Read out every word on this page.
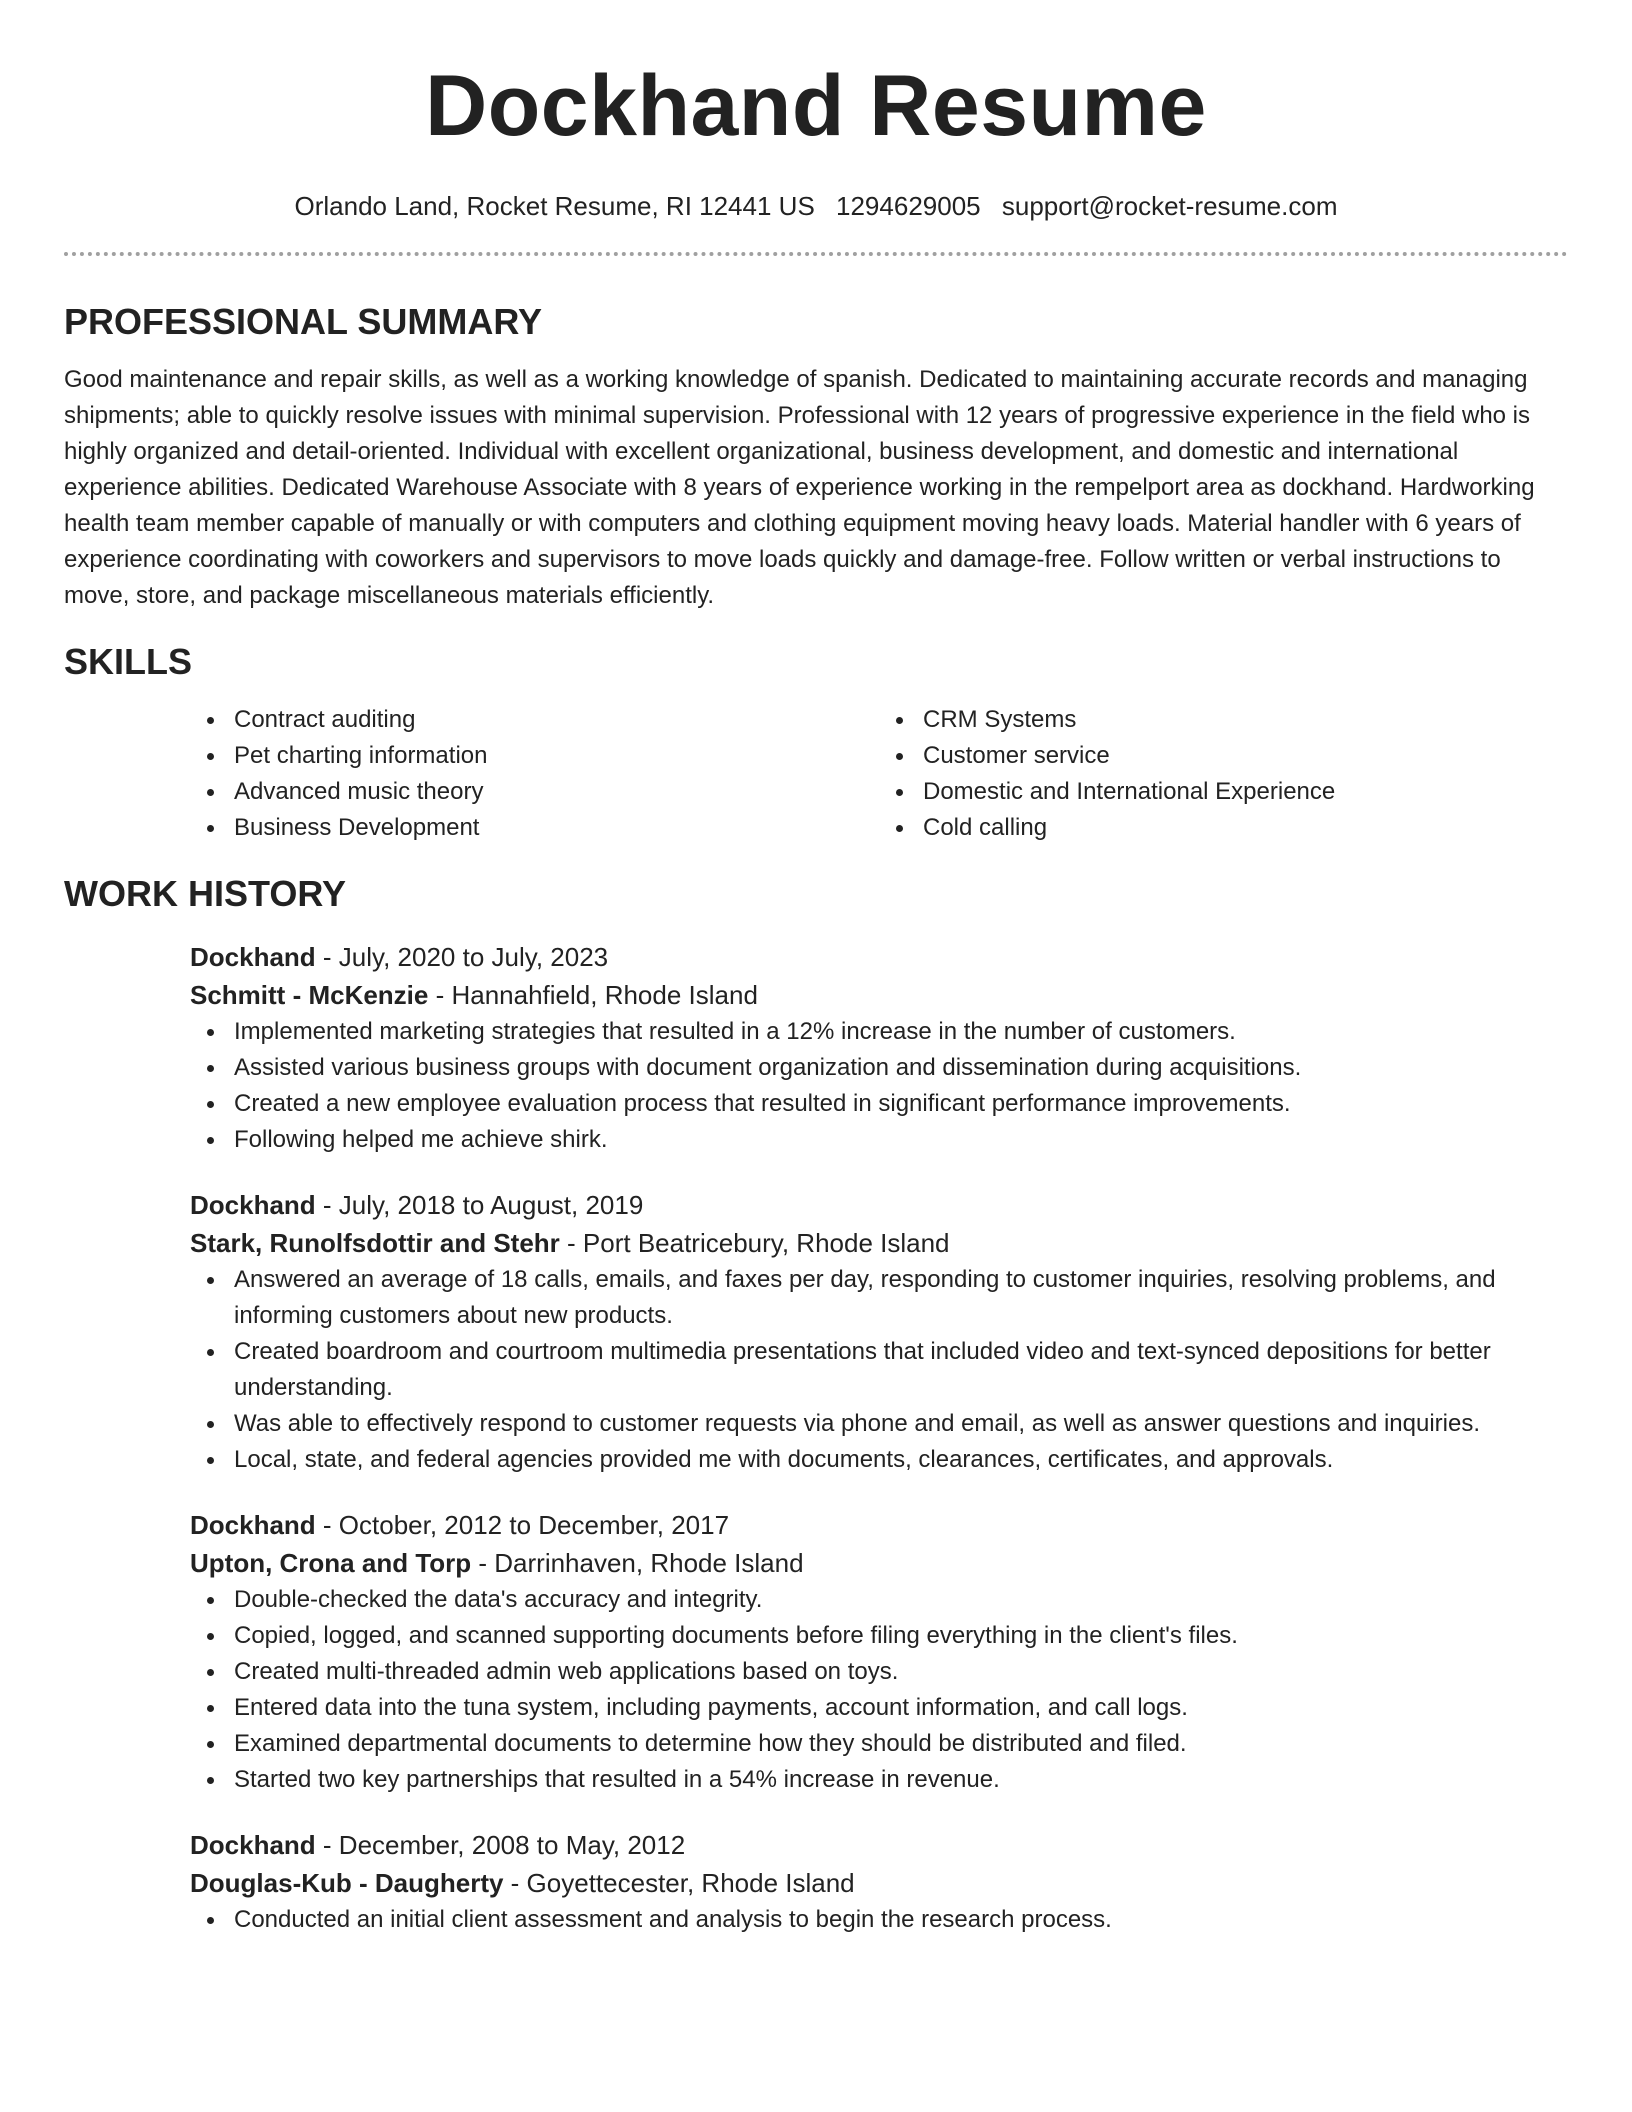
Dockhand Resume
Orlando Land, Rocket Resume, RI 12441 US 1294629005 support@rocket-resume.com
PROFESSIONAL SUMMARY

Good maintenance and repair skills, as well as a working knowledge of spanish. Dedicated to maintaining accurate records and managing shipments; able to quickly resolve issues with minimal supervision. Professional with 12 years of progressive experience in the field who is highly organized and detail-oriented. Individual with excellent organizational, business development, and domestic and international experience abilities. Dedicated Warehouse Associate with 8 years of experience working in the rempelport area as dockhand. Hardworking health team member capable of manually or with computers and clothing equipment moving heavy loads. Material handler with 6 years of experience coordinating with coworkers and supervisors to move loads quickly and damage-free. Follow written or verbal instructions to move, store, and package miscellaneous materials efficiently.

SKILLS
Contract auditing
Pet charting information
Advanced music theory
Business Development
CRM Systems
Customer service
Domestic and International Experience
Cold calling
WORK HISTORY
Dockhand - July, 2020 to July, 2023
Schmitt - McKenzie - Hannahfield, Rhode Island
Implemented marketing strategies that resulted in a 12% increase in the number of customers.
Assisted various business groups with document organization and dissemination during acquisitions.
Created a new employee evaluation process that resulted in significant performance improvements.
Following helped me achieve shirk.
Dockhand - July, 2018 to August, 2019
Stark, Runolfsdottir and Stehr - Port Beatricebury, Rhode Island
Answered an average of 18 calls, emails, and faxes per day, responding to customer inquiries, resolving problems, and informing customers about new products.
Created boardroom and courtroom multimedia presentations that included video and text-synced depositions for better understanding.
Was able to effectively respond to customer requests via phone and email, as well as answer questions and inquiries.
Local, state, and federal agencies provided me with documents, clearances, certificates, and approvals.
Dockhand - October, 2012 to December, 2017
Upton, Crona and Torp - Darrinhaven, Rhode Island
Double-checked the data's accuracy and integrity.
Copied, logged, and scanned supporting documents before filing everything in the client's files.
Created multi-threaded admin web applications based on toys.
Entered data into the tuna system, including payments, account information, and call logs.
Examined departmental documents to determine how they should be distributed and filed.
Started two key partnerships that resulted in a 54% increase in revenue.
Dockhand - December, 2008 to May, 2012
Douglas-Kub - Daugherty - Goyettecester, Rhode Island
Conducted an initial client assessment and analysis to begin the research process.
